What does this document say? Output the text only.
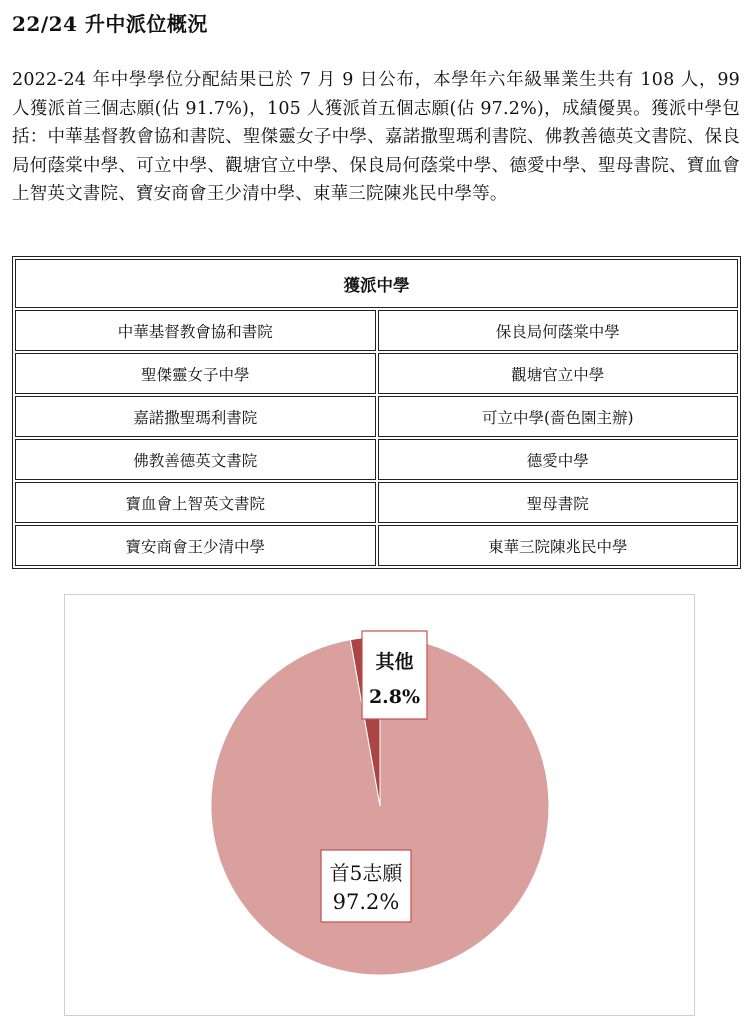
22/24 升中派位概況
2022-24 年中學學位分配結果已於 7 月 9 日公布，本學年六年級畢業生共有 108 人，99 人獲派首三個志願(佔 91.7%)，105 人獲派首五個志願(佔 97.2%)，成績優異。獲派中學包括：中華基督教會協和書院、聖傑靈女子中學、嘉諾撒聖瑪利書院、佛教善德英文書院、保良局何蔭棠中學、可立中學、觀塘官立中學、保良局何蔭棠中學、德愛中學、聖母書院、寶血會上智英文書院、寶安商會王少清中學、東華三院陳兆民中學等。
獲派中學	
中華基督教會協和書院	保良局何蔭棠中學
聖傑靈女子中學	觀塘官立中學
嘉諾撒聖瑪利書院	可立中學(嗇色園主辦)
佛教善德英文書院	德愛中學
寶血會上智英文書院	聖母書院
寶安商會王少清中學	東華三院陳兆民中學
其他
2.8%
首5志願
97.2%
